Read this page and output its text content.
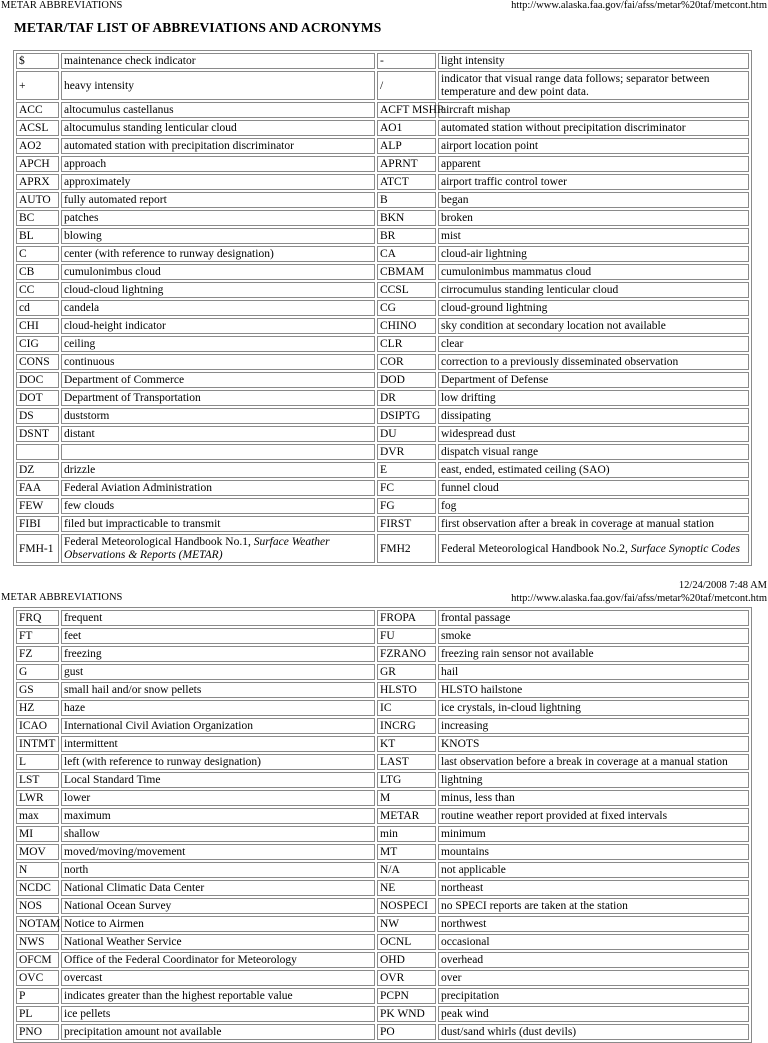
METAR ABBREVIATIONS	http://www.alaska.faa.gov/fai/afss/metar%20taf/metcont.htm
METAR/TAF LIST OF ABBREVIATIONS AND ACRONYMS
$	maintenance check indicator	-	light intensity
+	heavy intensity	/	indicator that visual range data follows; separator between temperature and dew point data.
ACC	altocumulus castellanus	ACFT MSHP	aircraft mishap
ACSL	altocumulus standing lenticular cloud	AO1	automated station without precipitation discriminator
AO2	automated station with precipitation discriminator	ALP	airport location point
APCH	approach	APRNT	apparent
APRX	approximately	ATCT	airport traffic control tower
AUTO	fully automated report	B	began
BC	patches	BKN	broken
BL	blowing	BR	mist
C	center (with reference to runway designation)	CA	cloud-air lightning
CB	cumulonimbus cloud	CBMAM	cumulonimbus mammatus cloud
CC	cloud-cloud lightning	CCSL	cirrocumulus standing lenticular cloud
cd	candela	CG	cloud-ground lightning
CHI	cloud-height indicator	CHINO	sky condition at secondary location not available
CIG	ceiling	CLR	clear
CONS	continuous	COR	correction to a previously disseminated observation
DOC	Department of Commerce	DOD	Department of Defense
DOT	Department of Transportation	DR	low drifting
DS	duststorm	DSIPTG	dissipating
DSNT	distant	DU	widespread dust
		DVR	dispatch visual range
DZ	drizzle	E	east, ended, estimated ceiling (SAO)
FAA	Federal Aviation Administration	FC	funnel cloud
FEW	few clouds	FG	fog
FIBI	filed but impracticable to transmit	FIRST	first observation after a break in coverage at manual station
FMH-1	Federal Meteorological Handbook No.1, Surface Weather Observations & Reports (METAR)	FMH2	Federal Meteorological Handbook No.2, Surface Synoptic Codes
12/24/2008 7:48 AM
METAR ABBREVIATIONS	http://www.alaska.faa.gov/fai/afss/metar%20taf/metcont.htm
FRQ	frequent	FROPA	frontal passage
FT	feet	FU	smoke
FZ	freezing	FZRANO	freezing rain sensor not available
G	gust	GR	hail
GS	small hail and/or snow pellets	HLSTO	HLSTO hailstone
HZ	haze	IC	ice crystals, in-cloud lightning
ICAO	International Civil Aviation Organization	INCRG	increasing
INTMT	intermittent	KT	KNOTS
L	left (with reference to runway designation)	LAST	last observation before a break in coverage at a manual station
LST	Local Standard Time	LTG	lightning
LWR	lower	M	minus, less than
max	maximum	METAR	routine weather report provided at fixed intervals
MI	shallow	min	minimum
MOV	moved/moving/movement	MT	mountains
N	north	N/A	not applicable
NCDC	National Climatic Data Center	NE	northeast
NOS	National Ocean Survey	NOSPECI	no SPECI reports are taken at the station
NOTAM	Notice to Airmen	NW	northwest
NWS	National Weather Service	OCNL	occasional
OFCM	Office of the Federal Coordinator for Meteorology	OHD	overhead
OVC	overcast	OVR	over
P	indicates greater than the highest reportable value	PCPN	precipitation
PL	ice pellets	PK WND	peak wind
PNO	precipitation amount not available	PO	dust/sand whirls (dust devils)
